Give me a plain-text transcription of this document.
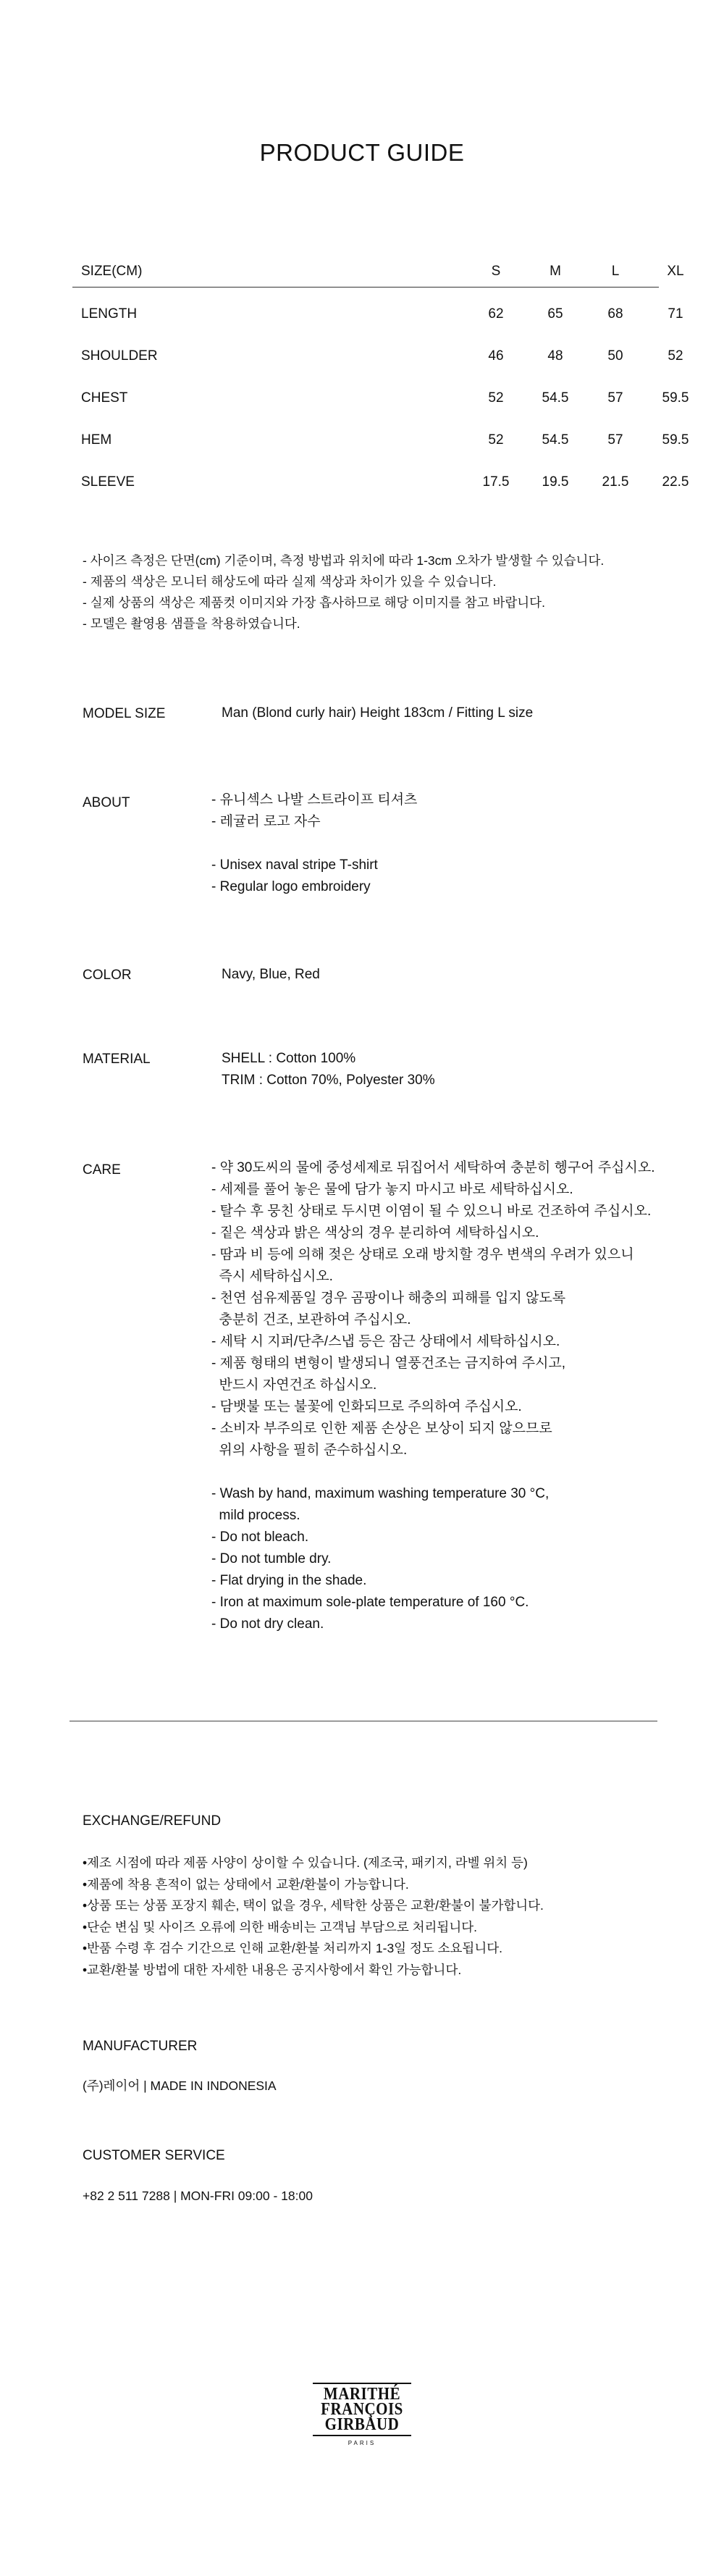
PRODUCT GUIDE
SIZE(CM)	S	M	L	XL
LENGTH	62	65	68	71
SHOULDER	46	48	50	52
CHEST	52	54.5	57	59.5
HEM	52	54.5	57	59.5
SLEEVE	17.5	19.5	21.5	22.5
- 사이즈 측정은 단면(cm) 기준이며, 측정 방법과 위치에 따라 1-3cm 오차가 발생할 수 있습니다.
- 제품의 색상은 모니터 해상도에 따라 실제 색상과 차이가 있을 수 있습니다.
- 실제 상품의 색상은 제품컷 이미지와 가장 흡사하므로 해당 이미지를 참고 바랍니다.
- 모델은 촬영용 샘플을 착용하였습니다.
MODEL SIZE	Man (Blond curly hair) Height 183cm / Fitting L size
ABOUT	- 유니섹스 나발 스트라이프 티셔츠
- 레귤러 로고 자수
- Unisex naval stripe T-shirt
- Regular logo embroidery
COLOR	Navy, Blue, Red
MATERIAL	SHELL : Cotton 100%
TRIM : Cotton 70%, Polyester 30%
CARE	- 약 30도씨의 물에 중성세제로 뒤집어서 세탁하여 충분히 헹구어 주십시오.
- 세제를 풀어 놓은 물에 담가 놓지 마시고 바로 세탁하십시오.
- 탈수 후 뭉친 상태로 두시면 이염이 될 수 있으니 바로 건조하여 주십시오.
- 짙은 색상과 밝은 색상의 경우 분리하여 세탁하십시오.
- 땀과 비 등에 의해 젖은 상태로 오래 방치할 경우 변색의 우려가 있으니
즉시 세탁하십시오.
- 천연 섬유제품일 경우 곰팡이나 해충의 피해를 입지 않도록
충분히 건조, 보관하여 주십시오.
- 세탁 시 지퍼/단추/스냅 등은 잠근 상태에서 세탁하십시오.
- 제품 형태의 변형이 발생되니 열풍건조는 금지하여 주시고,
반드시 자연건조 하십시오.
- 담뱃불 또는 불꽃에 인화되므로 주의하여 주십시오.
- 소비자 부주의로 인한 제품 손상은 보상이 되지 않으므로
위의 사항을 필히 준수하십시오.
- Wash by hand, maximum washing temperature 30 °C,
mild process.
- Do not bleach.
- Do not tumble dry.
- Flat drying in the shade.
- Iron at maximum sole-plate temperature of 160 °C.
- Do not dry clean.
EXCHANGE/REFUND
•제조 시점에 따라 제품 사양이 상이할 수 있습니다. (제조국, 패키지, 라벨 위치 등)
•제품에 착용 흔적이 없는 상태에서 교환/환불이 가능합니다.
•상품 또는 상품 포장지 훼손, 택이 없을 경우, 세탁한 상품은 교환/환불이 불가합니다.
•단순 변심 및 사이즈 오류에 의한 배송비는 고객님 부담으로 처리됩니다.
•반품 수령 후 검수 기간으로 인해 교환/환불 처리까지 1-3일 정도 소요됩니다.
•교환/환불 방법에 대한 자세한 내용은 공지사항에서 확인 가능합니다.
MANUFACTURER
(주)레이어 | MADE IN INDONESIA
CUSTOMER SERVICE
+82 2 511 7288 | MON-FRI 09:00 - 18:00
MARITHÉ
FRANÇOIS
GIRBAUD
PARIS
